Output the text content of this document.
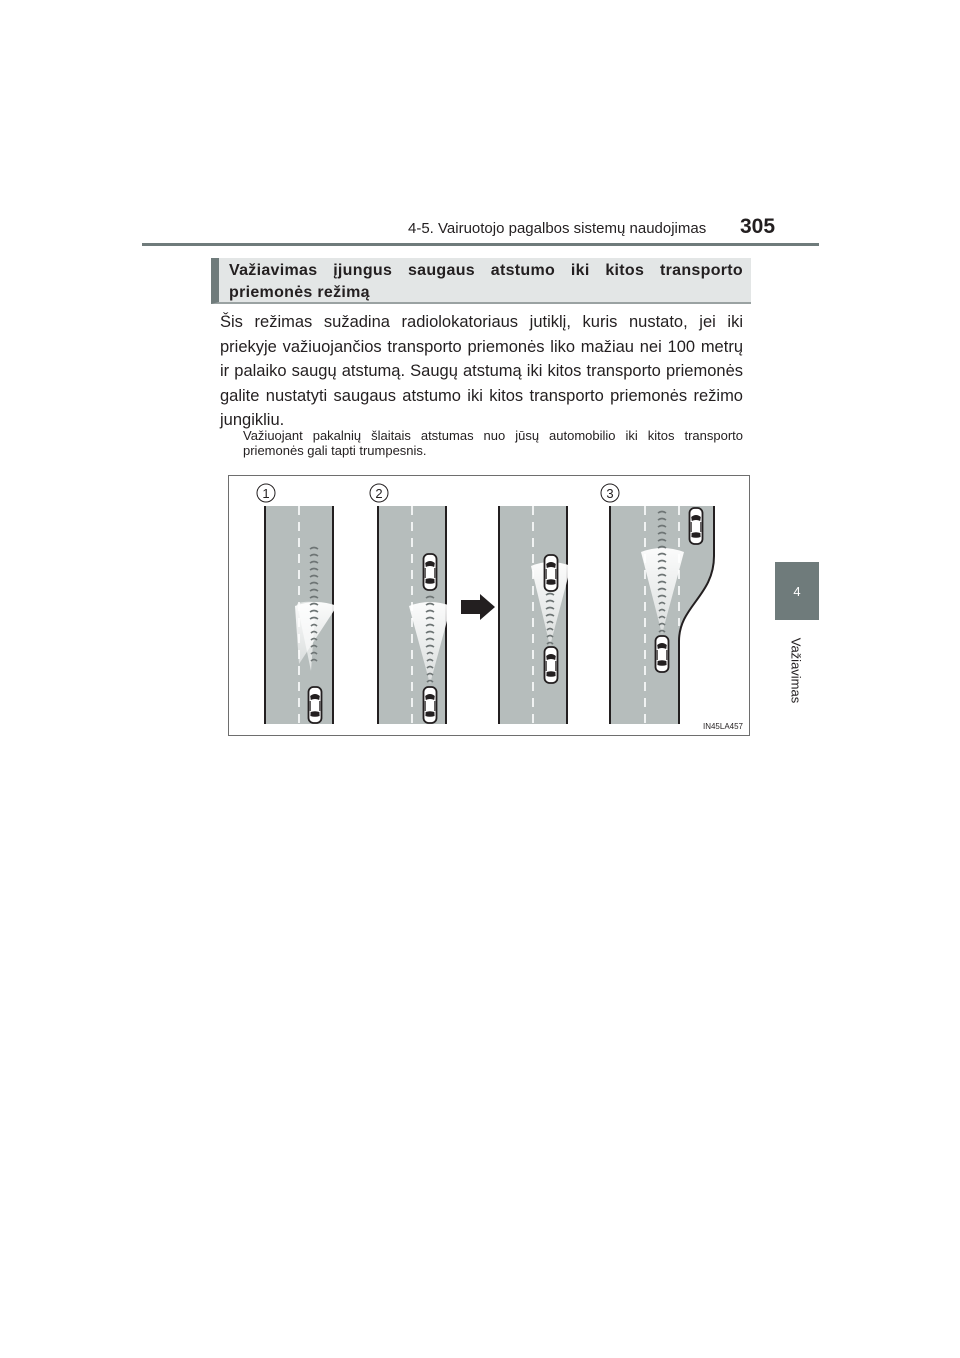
4-5. Vairuotojo pagalbos sistemų naudojimas 305
4
Važiavimas
Važiavimas įjungus saugaus atstumo iki kitos transporto priemonės režimą

Šis režimas sužadina radiolokatoriaus jutiklį, kuris nustato, jei iki priekyje važiuojančios transporto priemonės liko mažiau nei 100 metrų ir palaiko saugų atstumą. Saugų atstumą iki kitos transporto priemonės galite nustatyti saugaus atstumo iki kitos transporto priemonės režimo jungikliu.

Važiuojant pakalnių šlaitais atstumas nuo jūsų automobilio iki kitos transporto priemonės gali tapti trumpesnis.

1	2	3
IN45LA457
